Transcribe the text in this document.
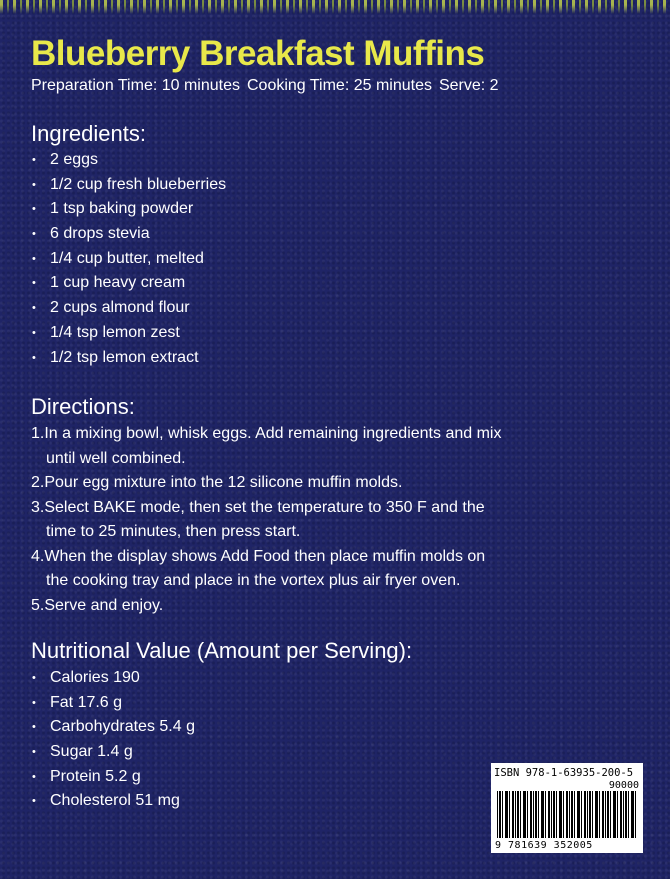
Blueberry Breakfast Muffins
Preparation Time: 10 minutes Cooking Time: 25 minutes Serve: 2
Ingredients:
• 2 eggs
• 1/2 cup fresh blueberries
• 1 tsp baking powder
• 6 drops stevia
• 1/4 cup butter, melted
• 1 cup heavy cream
• 2 cups almond flour
• 1/4 tsp lemon zest
• 1/2 tsp lemon extract
Directions:
1.In a mixing bowl, whisk eggs. Add remaining ingredients and mix until well combined.
2.Pour egg mixture into the 12 silicone muffin molds.
3.Select BAKE mode, then set the temperature to 350 F and the time to 25 minutes, then press start.
4.When the display shows Add Food then place muffin molds on the cooking tray and place in the vortex plus air fryer oven.
5.Serve and enjoy.
Nutritional Value (Amount per Serving):
• Calories 190
• Fat 17.6 g
• Carbohydrates 5.4 g
• Sugar 1.4 g
• Protein 5.2 g
• Cholesterol 51 mg
ISBN 978-1-63935-200-5
90000
9 781639 352005
